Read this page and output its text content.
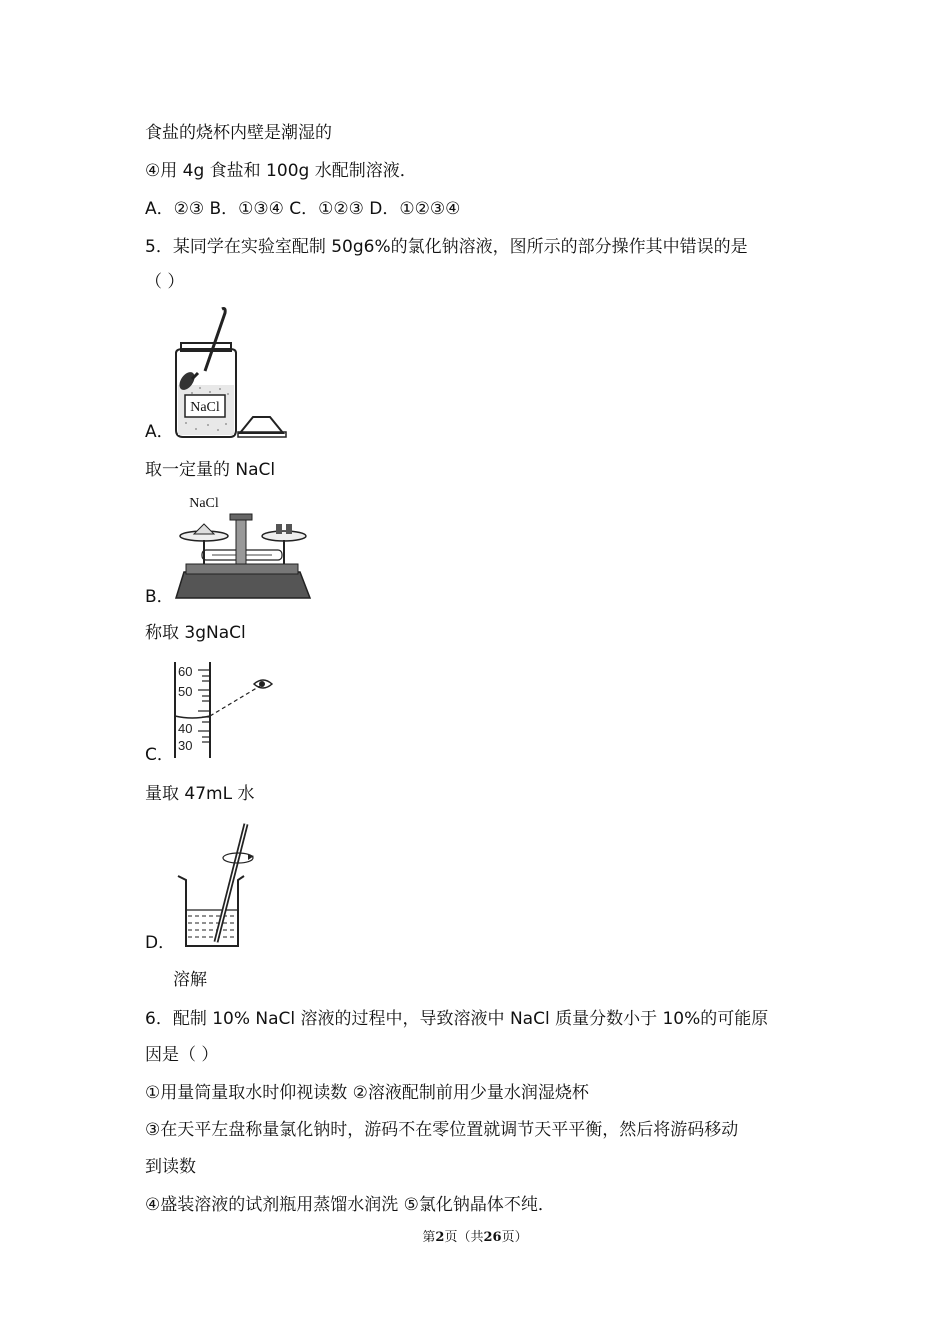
食盐的烧杯内壁是潮湿的
④用 4g 食盐和 100g 水配制溶液．
A．②③ B．①③④ C．①②③ D．①②③④
5．某同学在实验室配制 50g6%的氯化钠溶液，图所示的部分操作其中错误的是
（ ）
A．
NaCl
取一定量的 NaCl
B．
NaCl
称取 3gNaCl
C．
60
50
40
30
量取 47mL 水
D．
溶解
6．配制 10% NaCl 溶液的过程中，导致溶液中 NaCl 质量分数小于 10%的可能原
因是（ ）
①用量筒量取水时仰视读数 ②溶液配制前用少量水润湿烧杯
③在天平左盘称量氯化钠时，游码不在零位置就调节天平平衡，然后将游码移动
到读数
④盛装溶液的试剂瓶用蒸馏水润洗 ⑤氯化钠晶体不纯．
第2页（共26页）
